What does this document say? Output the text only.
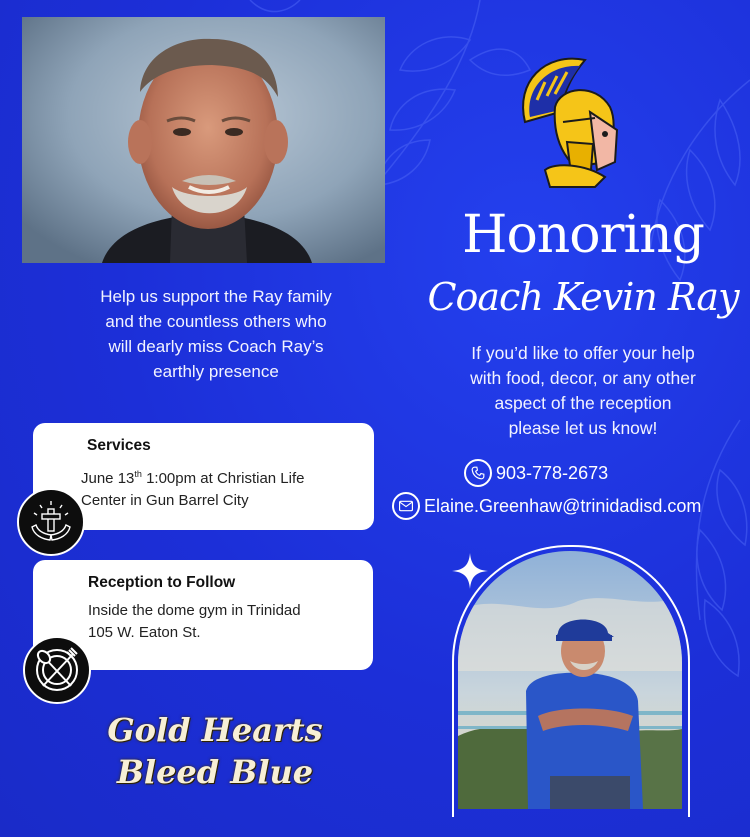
Honoring
Coach Kevin Ray
Help us support the Ray family
and the countless others who
will dearly miss Coach Ray’s
earthly presence
If you’d like to offer your help
with food, decor, or any other
aspect of the reception
please let us know!
903-778-2673
Elaine.Greenhaw@trinidadisd.com
Services
June 13th 1:00pm at Christian Life
Center in Gun Barrel City
Reception to Follow
Inside the dome gym in Trinidad
105 W. Eaton St.
Gold Hearts
Bleed Blue
